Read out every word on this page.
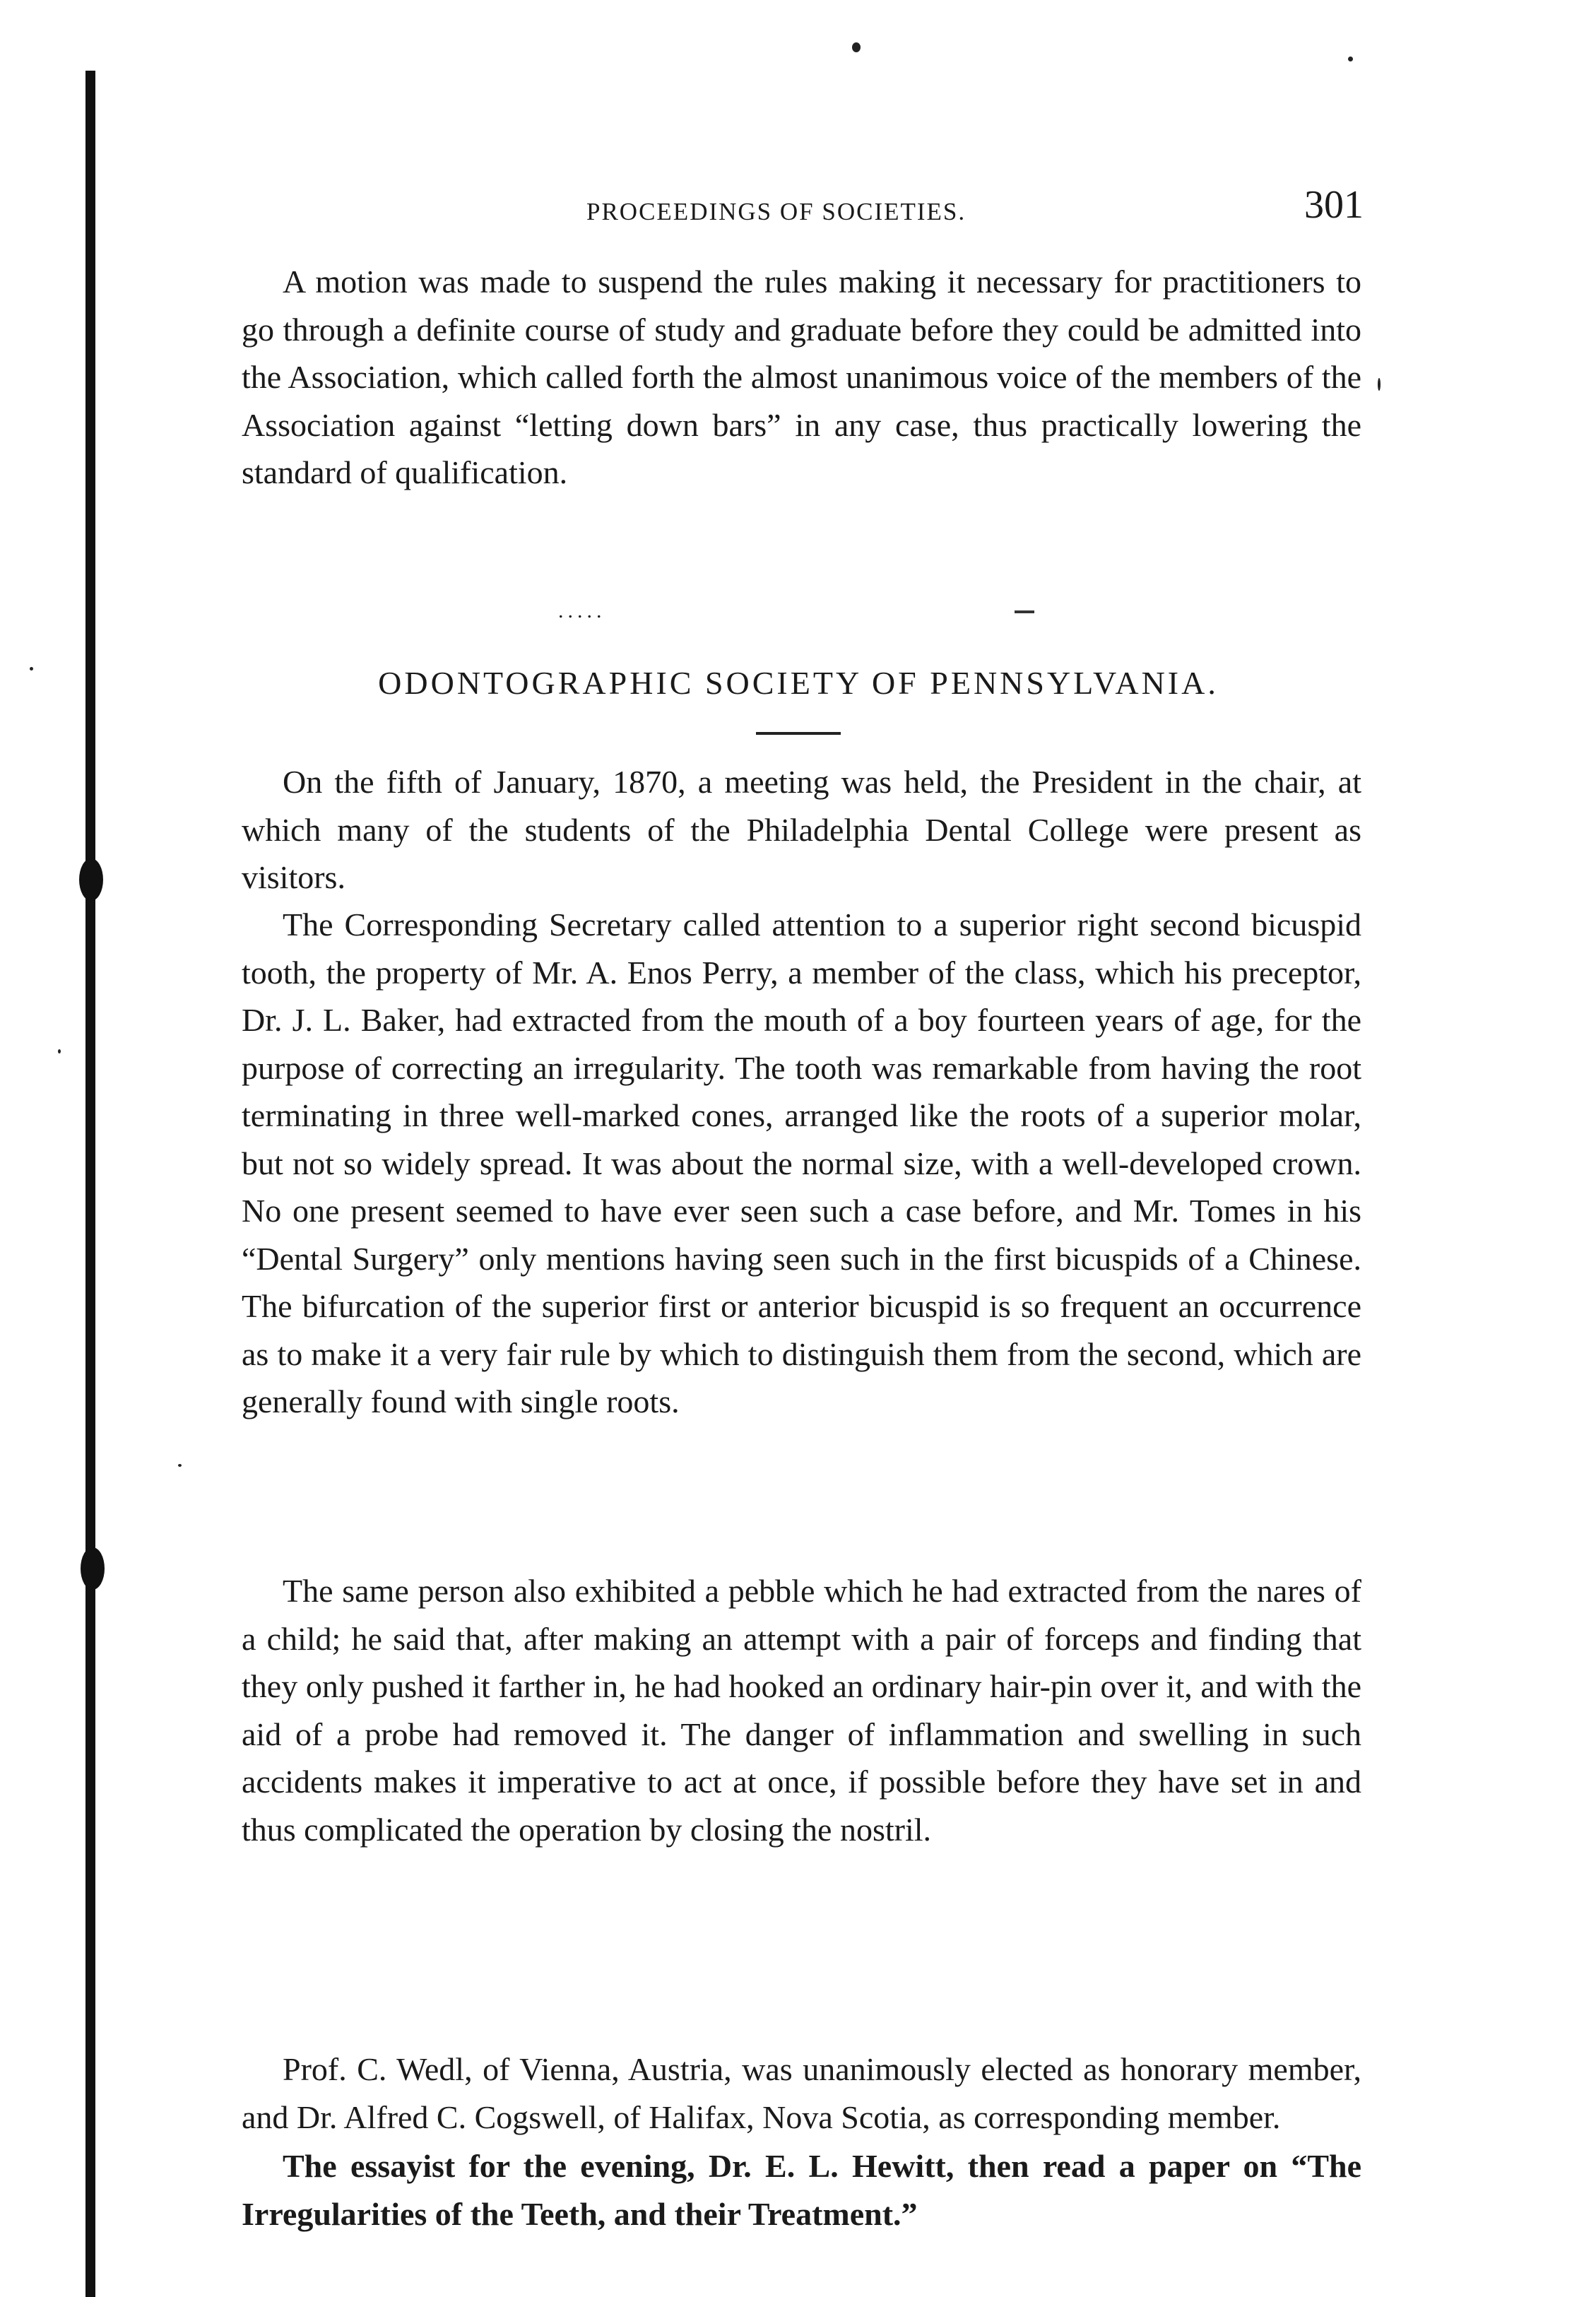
PROCEEDINGS OF SOCIETIES.	301

A motion was made to suspend the rules making it necessary for practitioners to go through a definite course of study and graduate before they could be admitted into the Association, which called forth the almost unanimous voice of the members of the Association against “letting down bars” in any case, thus practically lowering the standard of qualification.

.....
ODONTOGRAPHIC SOCIETY OF PENNSYLVANIA.

On the fifth of January, 1870, a meeting was held, the President in the chair, at which many of the students of the Philadelphia Dental College were present as visitors.

The Corresponding Secretary called attention to a superior right second bicuspid tooth, the property of Mr. A. Enos Perry, a member of the class, which his preceptor, Dr. J. L. Baker, had extracted from the mouth of a boy fourteen years of age, for the purpose of correcting an irregularity. The tooth was remarkable from having the root terminating in three well-marked cones, arranged like the roots of a superior molar, but not so widely spread. It was about the normal size, with a well-developed crown. No one present seemed to have ever seen such a case before, and Mr. Tomes in his “Dental Surgery” only mentions having seen such in the first bicuspids of a Chinese. The bifurcation of the superior first or anterior bicuspid is so frequent an occurrence as to make it a very fair rule by which to distinguish them from the second, which are generally found with single roots.

The same person also exhibited a pebble which he had extracted from the nares of a child; he said that, after making an attempt with a pair of forceps and finding that they only pushed it farther in, he had hooked an ordinary hair-pin over it, and with the aid of a probe had removed it. The danger of inflammation and swelling in such accidents makes it imperative to act at once, if possible before they have set in and thus complicated the operation by closing the nostril.

Prof. C. Wedl, of Vienna, Austria, was unanimously elected as honorary member, and Dr. Alfred C. Cogswell, of Halifax, Nova Scotia, as corresponding member.

The essayist for the evening, Dr. E. L. Hewitt, then read a paper on “The Irregularities of the Teeth, and their Treatment.”
